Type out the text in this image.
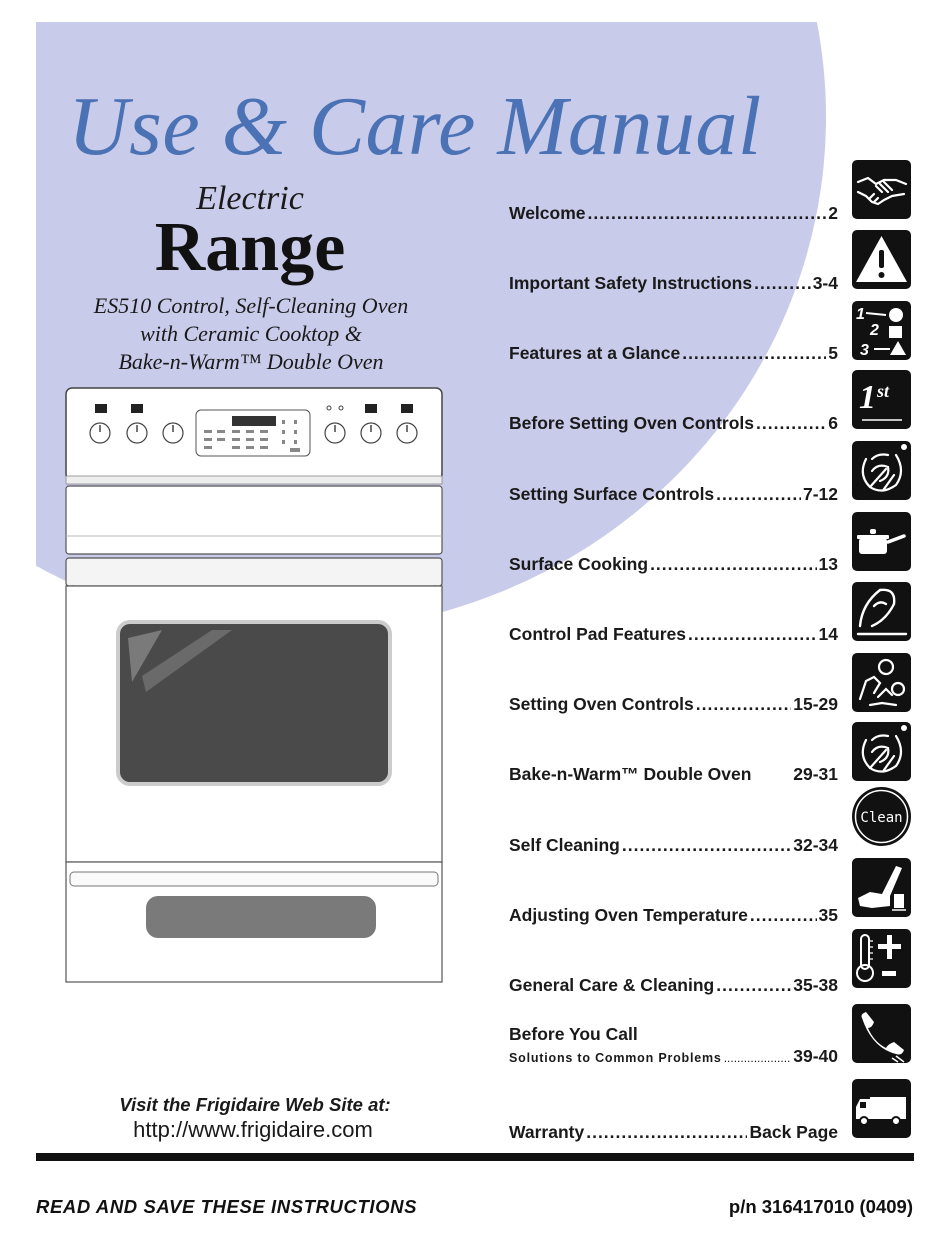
Use & Care Manual
Electric
Range
ES510 Control, Self-Cleaning Oven
with Ceramic Cooktop &
Bake-n-Warm™ Double Oven
Welcome .....	2
Important Safety Instructions .....	3-4
Features at a Glance .....	5
Before Setting Oven Controls .....	6
Setting Surface Controls .....	7-12
Surface Cooking .....	13
Control Pad Features .....	14
Setting Oven Controls .....	15-29
Bake-n-Warm™ Double Oven 29-31
Self Cleaning .....	32-34
Adjusting Oven Temperature .....	35
General Care & Cleaning .....	35-38
Before You Call
Solutions to Common Problems .....	39-40
Warranty .....	Back Page
1
2
3
1 st
Clean
Visit the Frigidaire Web Site at:
http://www.frigidaire.com
READ AND SAVE THESE INSTRUCTIONS	p/n 316417010 (0409)
